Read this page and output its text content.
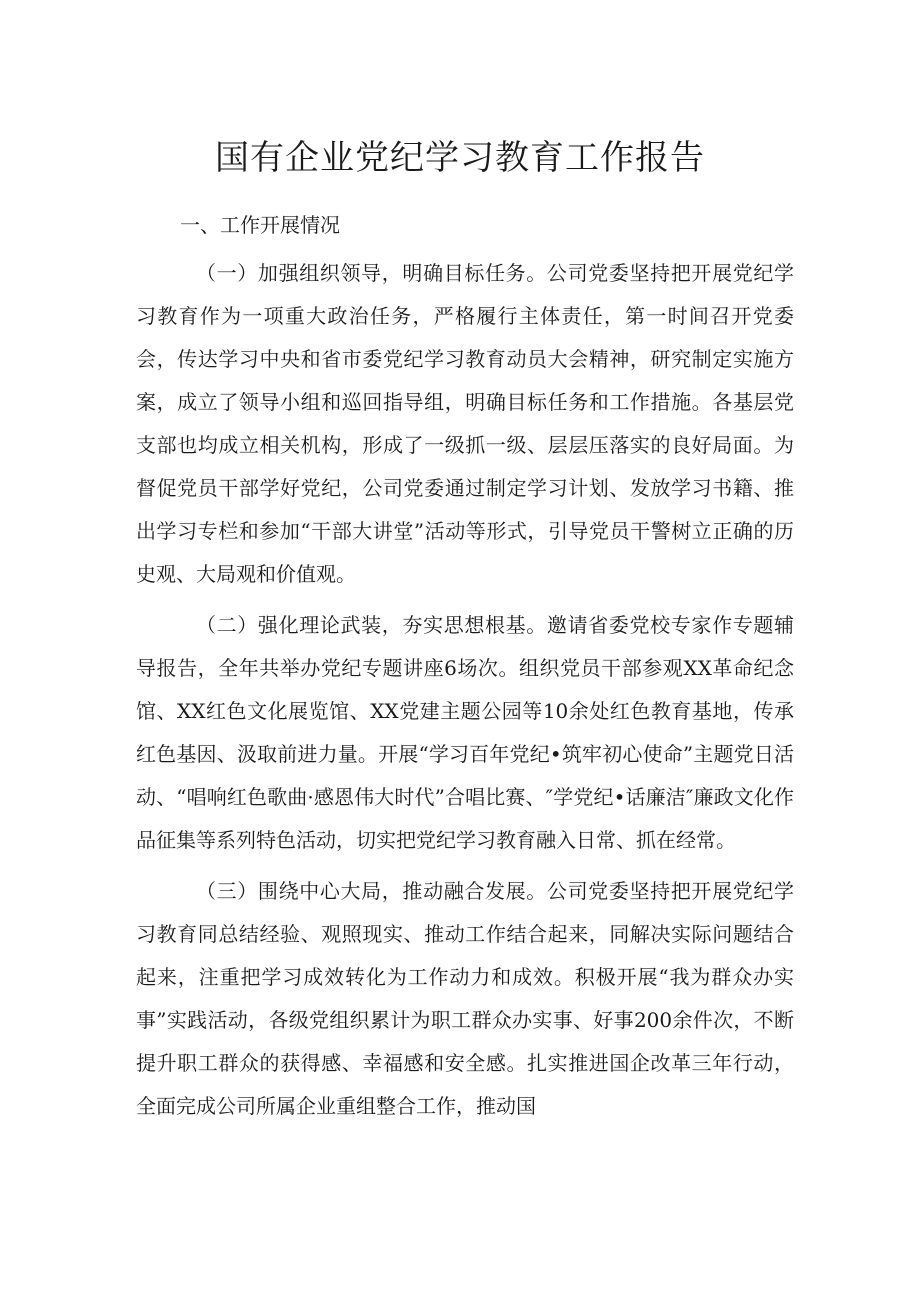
国有企业党纪学习教育工作报告
一、工作开展情况

（一）加强组织领导，明确目标任务。公司党委坚持把开展党纪学习教育作为一项重大政治任务，严格履行主体责任，第一时间召开党委会，传达学习中央和省市委党纪学习教育动员大会精神，研究制定实施方案，成立了领导小组和巡回指导组，明确目标任务和工作措施。各基层党支部也均成立相关机构，形成了一级抓一级、层层压落实的良好局面。为督促党员干部学好党纪，公司党委通过制定学习计划、发放学习书籍、推出学习专栏和参加“干部大讲堂”活动等形式，引导党员干警树立正确的历史观、大局观和价值观。

（二）强化理论武装，夯实思想根基。邀请省委党校专家作专题辅导报告，全年共举办党纪专题讲座6场次。组织党员干部参观XX革命纪念馆、XX红色文化展览馆、XX党建主题公园等10余处红色教育基地，传承红色基因、汲取前进力量。开展“学习百年党纪•筑牢初心使命”主题党日活动、“唱响红色歌曲·感恩伟大时代”合唱比赛、″学党纪•话廉洁″廉政文化作品征集等系列特色活动，切实把党纪学习教育融入日常、抓在经常。

（三）围绕中心大局，推动融合发展。公司党委坚持把开展党纪学习教育同总结经验、观照现实、推动工作结合起来，同解决实际问题结合起来，注重把学习成效转化为工作动力和成效。积极开展“我为群众办实事”实践活动，各级党组织累计为职工群众办实事、好事200余件次，不断提升职工群众的获得感、幸福感和安全感。扎实推进国企改革三年行动，全面完成公司所属企业重组整合工作，推动国
